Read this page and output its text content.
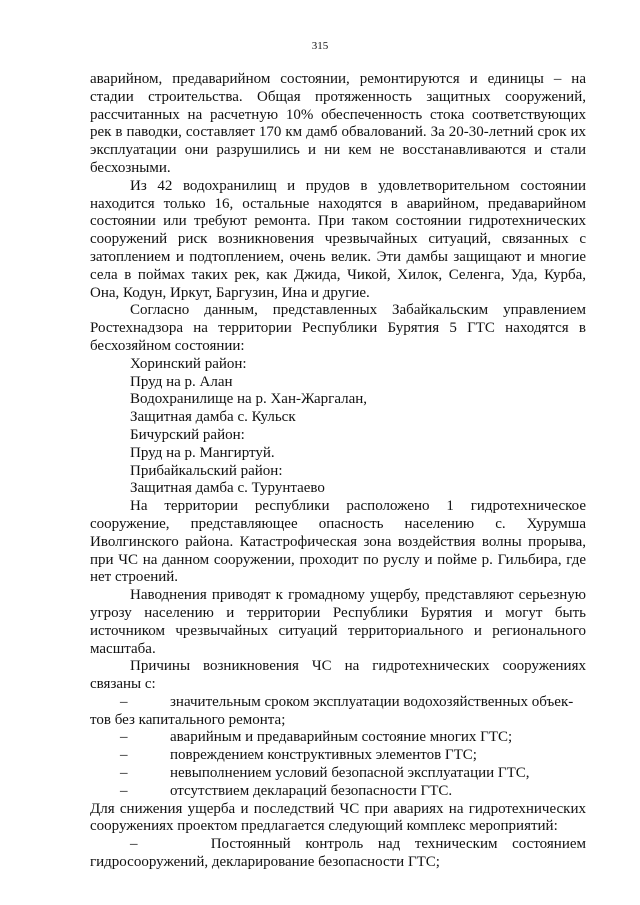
315

аварийном, предаварийном состоянии, ремонтируются и единицы – на стадии строительства. Общая протяженность защитных сооружений, рассчитанных на расчетную 10% обеспеченность стока соответствующих рек в паводки, составляет 170 км дамб обвалований. За 20-30-летний срок их эксплуатации они разрушились и ни кем не восстанавливаются и стали бесхозными.

Из 42 водохранилищ и прудов в удовлетворительном состоянии находится только 16, остальные находятся в аварийном, предаварийном состоянии или требуют ремонта. При таком состоянии гидротехнических сооружений риск возникновения чрезвычайных ситуаций, связанных с затоплением и подтоплением, очень велик. Эти дамбы защищают и многие села в поймах таких рек, как Джида, Чикой, Хилок, Селенга, Уда, Курба, Она, Кодун, Иркут, Баргузин, Ина и другие.

Согласно данным, представленных Забайкальским управлением Ростехнадзора на территории Республики Бурятия 5 ГТС находятся в бесхозяйном состоянии:

Хоринский район:

Пруд на р. Алан

Водохранилище на р. Хан-Жаргалан,

Защитная дамба с. Кульск

Бичурский район:

Пруд на р. Мангиртуй.

Прибайкальский район:

Защитная дамба с. Турунтаево

На территории республики расположено 1 гидротехническое сооружение, представляющее опасность населению с. Хурумша Иволгинского района. Катастрофическая зона воздействия волны прорыва, при ЧС на данном сооружении, проходит по руслу и пойме р. Гильбира, где нет строений.

Наводнения приводят к громадному ущербу, представляют серьезную угрозу населению и территории Республики Бурятия и могут быть источником чрезвычайных ситуаций территориального и регионального масштаба.

Причины возникновения ЧС на гидротехнических сооружениях связаны с:

–	значительным сроком эксплуатации водохозяйственных объек-

тов без капитального ремонта;

–	аварийным и предаварийным состояние многих ГТС;
–	повреждением конструктивных элементов ГТС;
–	невыполнением условий безопасной эксплуатации ГТС,
–	отсутствием деклараций безопасности ГТС.

Для снижения ущерба и последствий ЧС при авариях на гидротехнических сооружениях проектом предлагается следующий комплекс мероприятий:

–	Постоянный контроль над техническим состоянием гидросооружений, декларирование безопасности ГТС;
